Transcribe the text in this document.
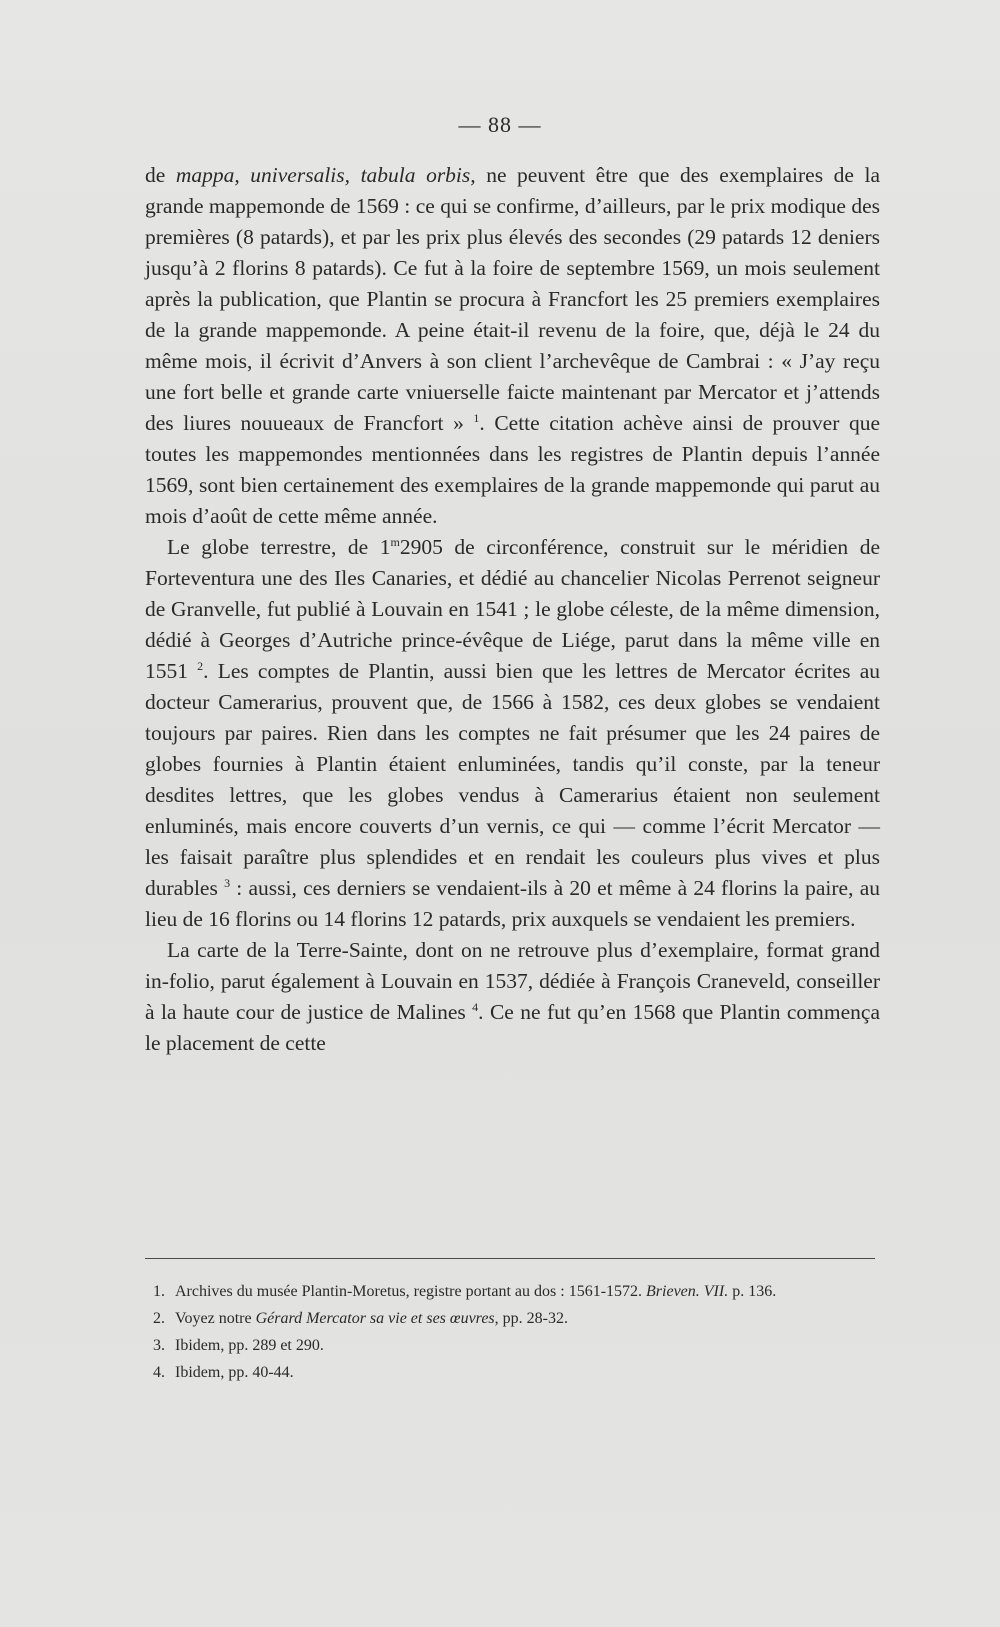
— 88 —

de mappa, universalis, tabula orbis, ne peuvent être que des exemplaires de la grande mappemonde de 1569 : ce qui se confirme, d’ailleurs, par le prix modique des premières (8 patards), et par les prix plus élevés des secondes (29 patards 12 deniers jusqu’à 2 florins 8 patards). Ce fut à la foire de septembre 1569, un mois seulement après la publication, que Plantin se procura à Francfort les 25 premiers exemplaires de la grande mappemonde. A peine était-il revenu de la foire, que, déjà le 24 du même mois, il écrivit d’Anvers à son client l’archevêque de Cambrai : « J’ay reçu une fort belle et grande carte vniuerselle faicte maintenant par Mercator et j’attends des liures nouueaux de Francfort » $^1$. Cette citation achève ainsi de prouver que toutes les mappemondes mentionnées dans les registres de Plantin depuis l’année 1569, sont bien certainement des exemplaires de la grande mappemonde qui parut au mois d’août de cette même année.

Le globe terrestre, de 1$^m$2905 de circonférence, construit sur le méridien de Forteventura une des Iles Canaries, et dédié au chancelier Nicolas Perrenot seigneur de Granvelle, fut publié à Louvain en 1541 ; le globe céleste, de la même dimension, dédié à Georges d’Autriche prince-évêque de Liége, parut dans la même ville en 1551 $^2$. Les comptes de Plantin, aussi bien que les lettres de Mercator écrites au docteur Camerarius, prouvent que, de 1566 à 1582, ces deux globes se vendaient toujours par paires. Rien dans les comptes ne fait présumer que les 24 paires de globes fournies à Plantin étaient enluminées, tandis qu’il conste, par la teneur desdites lettres, que les globes vendus à Camerarius étaient non seulement enluminés, mais encore couverts d’un vernis, ce qui — comme l’écrit Mercator — les faisait paraître plus splendides et en rendait les couleurs plus vives et plus durables $^3$ : aussi, ces derniers se vendaient-ils à 20 et même à 24 florins la paire, au lieu de 16 florins ou 14 florins 12 patards, prix auxquels se vendaient les premiers.

La carte de la Terre-Sainte, dont on ne retrouve plus d’exemplaire, format grand in-folio, parut également à Louvain en 1537, dédiée à François Craneveld, conseiller à la haute cour de justice de Malines $^4$. Ce ne fut qu’en 1568 que Plantin commença le placement de cette

1. Archives du musée Plantin-Moretus, registre portant au dos : 1561-1572. Brieven. VII. p. 136.

2. Voyez notre Gérard Mercator sa vie et ses œuvres, pp. 28-32.

3. Ibidem, pp. 289 et 290.

4. Ibidem, pp. 40-44.
